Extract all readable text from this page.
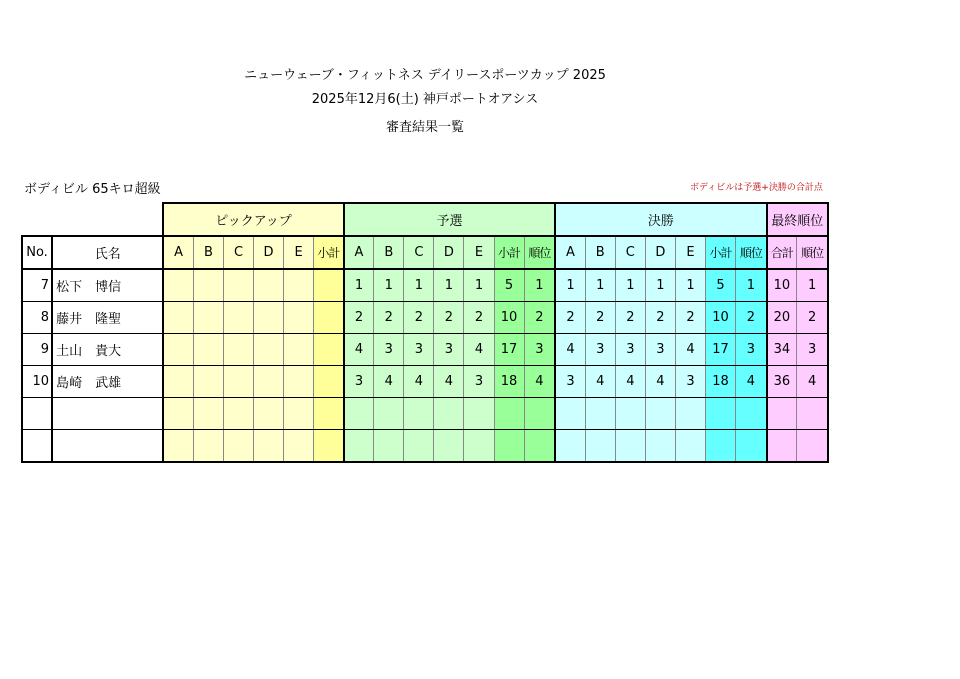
ニューウェーブ・フィットネス デイリースポーツカップ 2025
2025年12月6(土) 神戸ポートオアシス
審査結果一覧
ボディビル 65キロ超級	ボディビルは予選+決勝の合計点
		ピックアップ						予選							決勝							最終順位	
No.	氏名	A	B	C	D	E	小計	A	B	C	D	E	小計	順位	A	B	C	D	E	小計	順位	合計	順位
7	松下　博信							1	1	1	1	1	5	1	1	1	1	1	1	5	1	10	1
8	藤井　隆聖							2	2	2	2	2	10	2	2	2	2	2	2	10	2	20	2
9	土山　貴大							4	3	3	3	4	17	3	4	3	3	3	4	17	3	34	3
10	島崎　武雄							3	4	4	4	3	18	4	3	4	4	4	3	18	4	36	4
